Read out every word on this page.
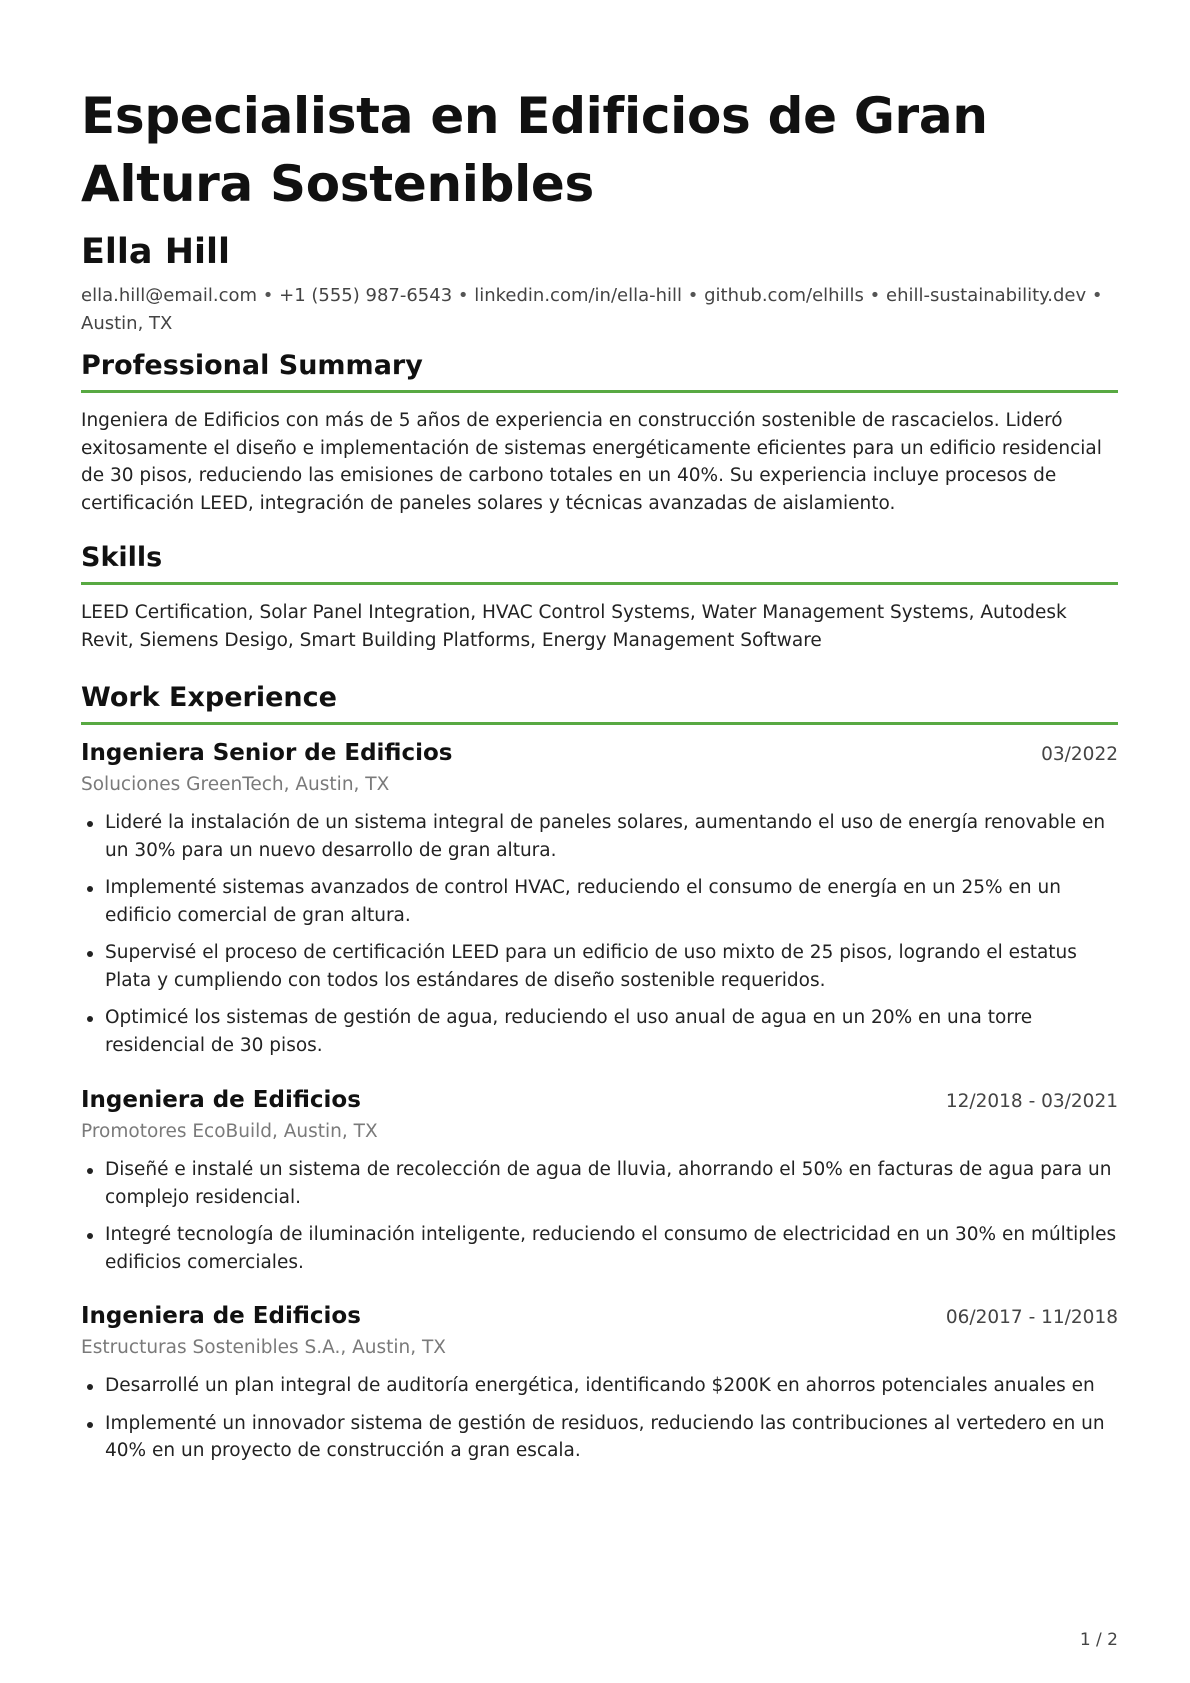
Especialista en Edificios de Gran Altura Sostenibles
Ella Hill
ella.hill@email.com • +1 (555) 987-6543 • linkedin.com/in/ella-hill • github.com/elhills • ehill-sustainability.dev •
Austin, TX
Professional Summary

Ingeniera de Edificios con más de 5 años de experiencia en construcción sostenible de rascacielos. Lideró exitosamente el diseño e implementación de sistemas energéticamente eficientes para un edificio residencial de 30 pisos, reduciendo las emisiones de carbono totales en un 40%. Su experiencia incluye procesos de certificación LEED, integración de paneles solares y técnicas avanzadas de aislamiento.

Skills

LEED Certification, Solar Panel Integration, HVAC Control Systems, Water Management Systems, Autodesk Revit, Siemens Desigo, Smart Building Platforms, Energy Management Software

Work Experience
Ingeniera Senior de Edificios	03/2022
Soluciones GreenTech, Austin, TX
Lideré la instalación de un sistema integral de paneles solares, aumentando el uso de energía renovable en un 30% para un nuevo desarrollo de gran altura.
Implementé sistemas avanzados de control HVAC, reduciendo el consumo de energía en un 25% en un edificio comercial de gran altura.
Supervisé el proceso de certificación LEED para un edificio de uso mixto de 25 pisos, logrando el estatus Plata y cumpliendo con todos los estándares de diseño sostenible requeridos.
Optimicé los sistemas de gestión de agua, reduciendo el uso anual de agua en un 20% en una torre residencial de 30 pisos.
Ingeniera de Edificios	12/2018 - 03/2021
Promotores EcoBuild, Austin, TX
Diseñé e instalé un sistema de recolección de agua de lluvia, ahorrando el 50% en facturas de agua para un complejo residencial.
Integré tecnología de iluminación inteligente, reduciendo el consumo de electricidad en un 30% en múltiples edificios comerciales.
Ingeniera de Edificios	06/2017 - 11/2018
Estructuras Sostenibles S.A., Austin, TX
Desarrollé un plan integral de auditoría energética, identificando $200K en ahorros potenciales anuales en
Implementé un innovador sistema de gestión de residuos, reduciendo las contribuciones al vertedero en un 40% en un proyecto de construcción a gran escala.
1 / 2
